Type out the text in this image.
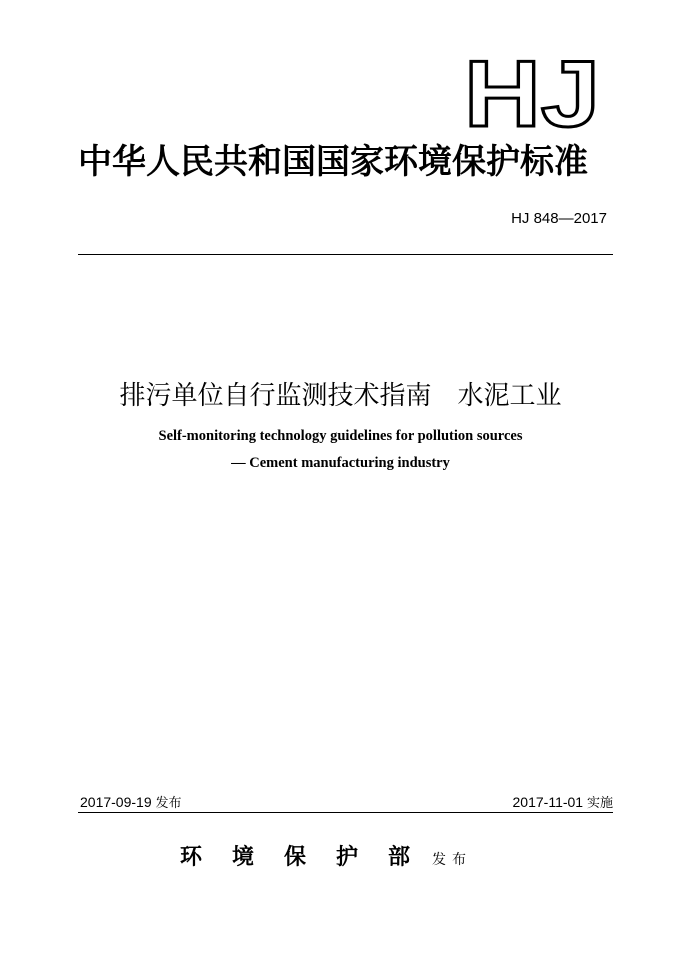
HJ
中华人民共和国国家环境保护标准
HJ 848—2017
排污单位自行监测技术指南　水泥工业
Self-monitoring technology guidelines for pollution sources
— Cement manufacturing industry
2017-09-19 发布	2017-11-01 实施
环境保护部
发布
